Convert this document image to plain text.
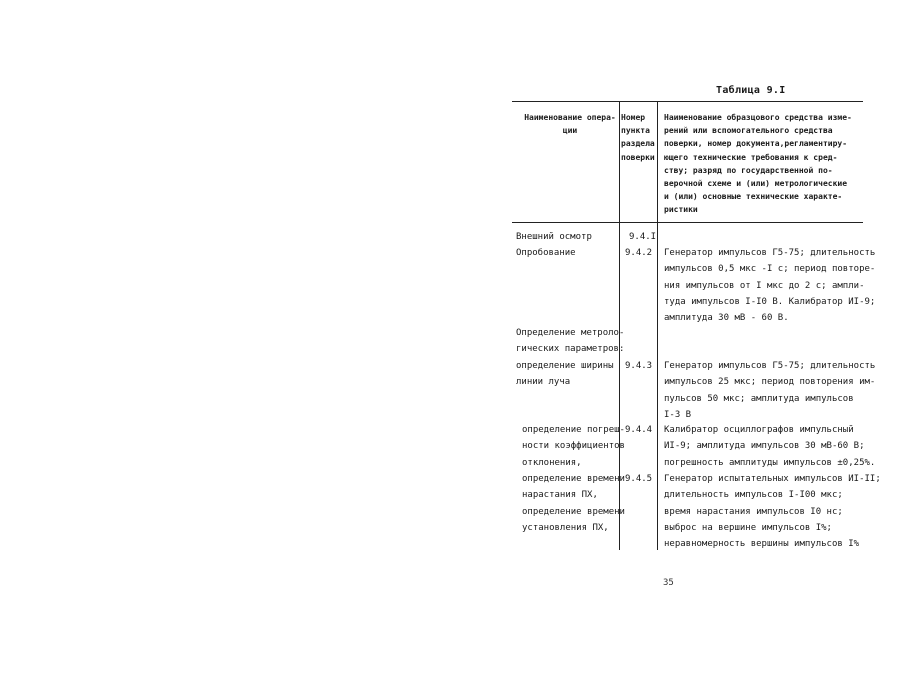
Таблица 9.I
Наименование опера-
ции
Номер
пункта
раздела
поверки
Наименование образцового средства изме-
рений или вспомогательного средства
поверки, номер документа,регламентиру-
ющего технические требования к сред-
ству; разряд по государственной по-
верочной схеме и (или) метрологические
и (или) основные технические характе-
ристики
Внешний осмотр	9.4.I
Опробование	9.4.2 Генератор импульсов Г5-75; длительность
импульсов 0,5 мкс -I с; период повторе-
ния импульсов от I мкс до 2 с; ампли-
туда импульсов I-I0 В. Калибратор ИI-9;
амплитуда 30 мВ - 60 В.
Определение метроло-
гических параметров:
определение ширины
линии луча
9.4.3 Генератор импульсов Г5-75; длительность
импульсов 25 мкс; период повторения им-
пульсов 50 мкс; амплитуда импульсов
I-3 В
определение погреш-
ности коэффициентов
отклонения,
9.4.4 Калибратор осциллографов импульсный
ИI-9; амплитуда импульсов 30 мВ-60 В;
погрешность амплитуды импульсов ±0,25%.
определение времени
нарастания ПХ,
определение времени
установления ПХ,
9.4.5 Генератор испытательных импульсов ИI-II;
длительность импульсов I-I00 мкс;
время нарастания импульсов I0 нс;
выброс на вершине импульсов I%;
неравномерность вершины импульсов I%
35
